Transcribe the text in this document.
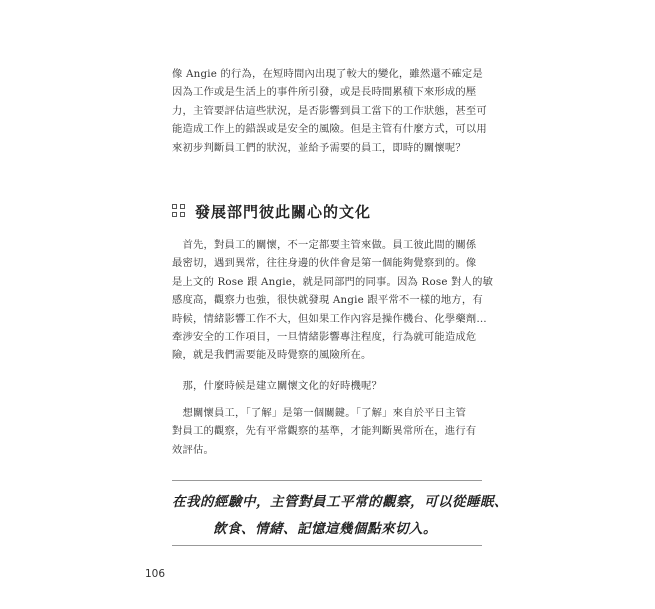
像 Angie 的行為，在短時間內出現了較大的變化，雖然還不確定是
因為工作或是生活上的事件所引發，或是長時間累積下來形成的壓
力，主管要評估這些狀況，是否影響到員工當下的工作狀態，甚至可
能造成工作上的錯誤或是安全的風險。但是主管有什麼方式，可以用
來初步判斷員工們的狀況，並給予需要的員工，即時的關懷呢？

發展部門彼此關心的文化

　首先，對員工的關懷，不一定都要主管來做。員工彼此間的關係
最密切，遇到異常，往往身邊的伙伴會是第一個能夠覺察到的。像
是上文的 Rose 跟 Angie，就是同部門的同事。因為 Rose 對人的敏
感度高，觀察力也強，很快就發現 Angie 跟平常不一樣的地方，有
時候，情緒影響工作不大，但如果工作內容是操作機台、化學藥劑…
牽涉安全的工作項目，一旦情緒影響專注程度，行為就可能造成危
險，就是我們需要能及時覺察的風險所在。

　那，什麼時候是建立關懷文化的好時機呢？

　想關懷員工，「了解」是第一個關鍵。「了解」來自於平日主管
對員工的觀察，先有平常觀察的基準，才能判斷異常所在，進行有
效評估。

在我的經驗中，主管對員工平常的觀察，可以從睡眠、
飲食、情緒、記憶這幾個點來切入。
106
